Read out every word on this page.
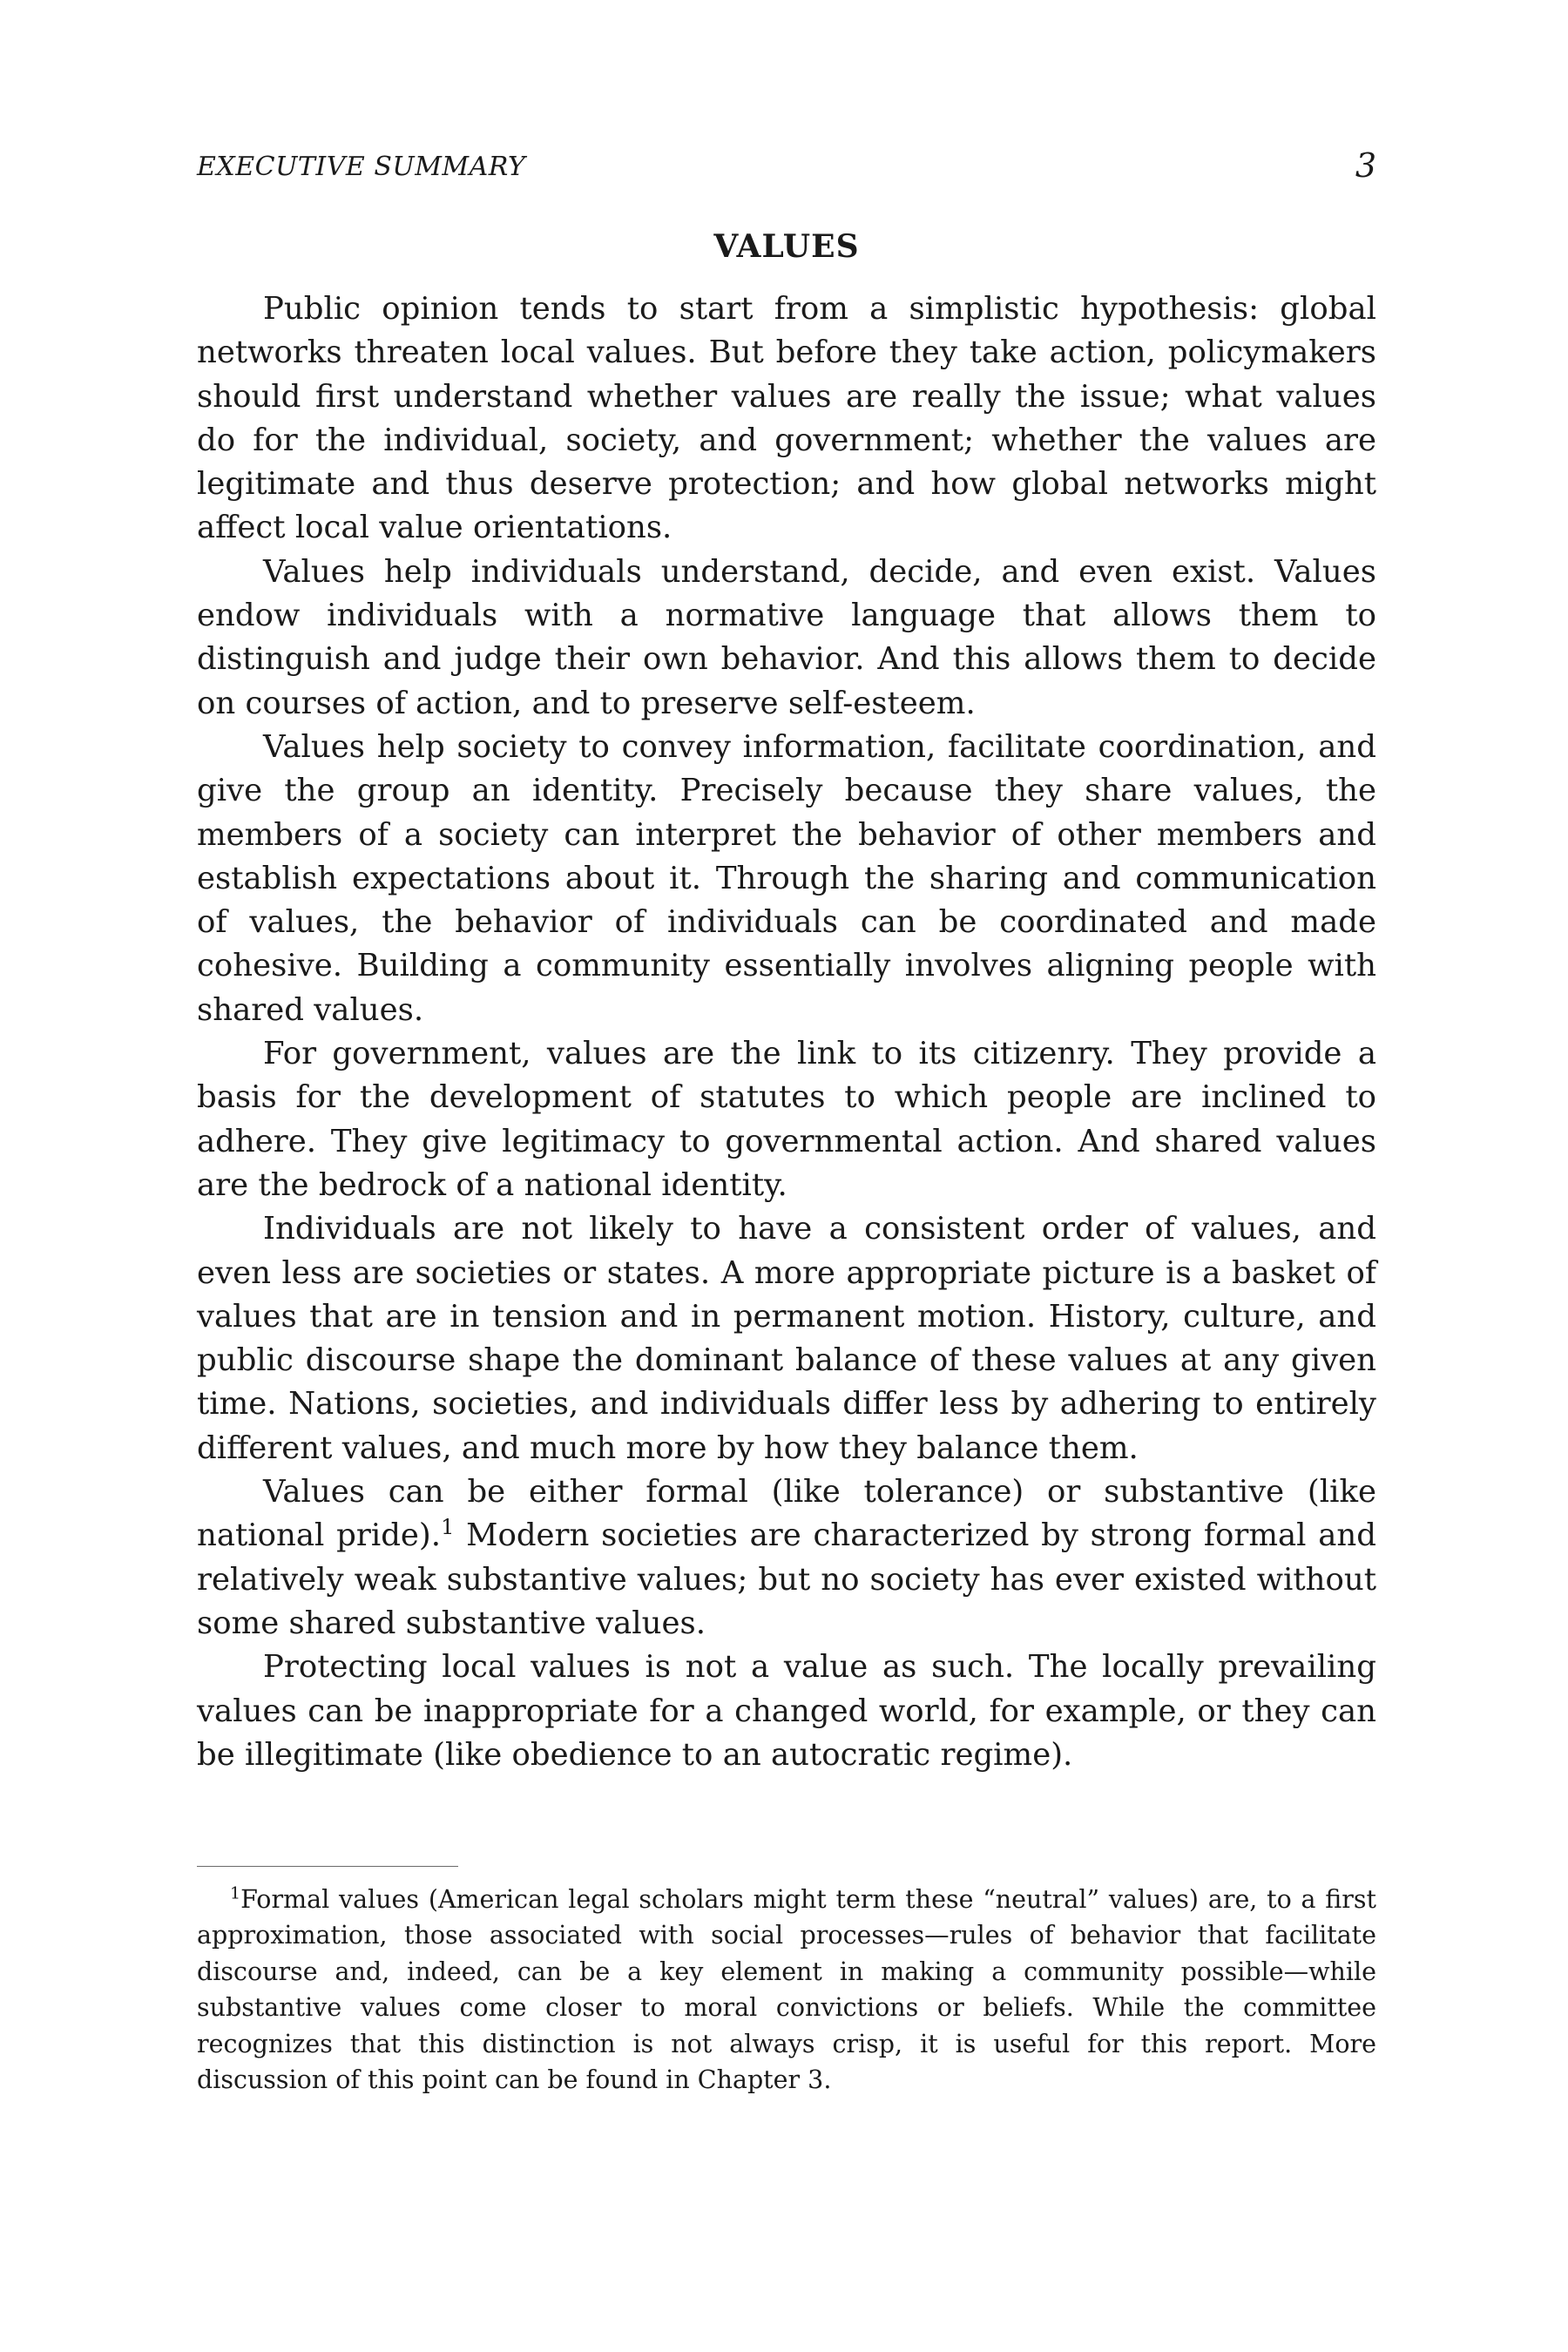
EXECUTIVE SUMMARY	3
VALUES

Public opinion tends to start from a simplistic hypothesis: global networks threaten local values. But before they take action, policymakers should first understand whether values are really the issue; what values do for the individual, society, and government; whether the values are legitimate and thus deserve protection; and how global networks might affect local value orientations.

Values help individuals understand, decide, and even exist. Values endow individuals with a normative language that allows them to distinguish and judge their own behavior. And this allows them to decide on courses of action, and to preserve self-esteem.

Values help society to convey information, facilitate coordination, and give the group an identity. Precisely because they share values, the members of a society can interpret the behavior of other members and establish expectations about it. Through the sharing and communication of values, the behavior of individuals can be coordinated and made cohesive. Building a community essentially involves aligning people with shared values.

For government, values are the link to its citizenry. They provide a basis for the development of statutes to which people are inclined to adhere. They give legitimacy to governmental action. And shared values are the bedrock of a national identity.

Individuals are not likely to have a consistent order of values, and even less are societies or states. A more appropriate picture is a basket of values that are in tension and in permanent motion. History, culture, and public discourse shape the dominant balance of these values at any given time. Nations, societies, and individuals differ less by adhering to entirely different values, and much more by how they balance them.

Values can be either formal (like tolerance) or substantive (like national pride).$^1$ Modern societies are characterized by strong formal and relatively weak substantive values; but no society has ever existed without some shared substantive values.

Protecting local values is not a value as such. The locally prevailing values can be inappropriate for a changed world, for example, or they can be illegitimate (like obedience to an autocratic regime).

$^1$Formal values (American legal scholars might term these “neutral” values) are, to a first approximation, those associated with social processes—rules of behavior that facilitate discourse and, indeed, can be a key element in making a community possible—while substantive values come closer to moral convictions or beliefs. While the committee recognizes that this distinction is not always crisp, it is useful for this report. More discussion of this point can be found in Chapter 3.
